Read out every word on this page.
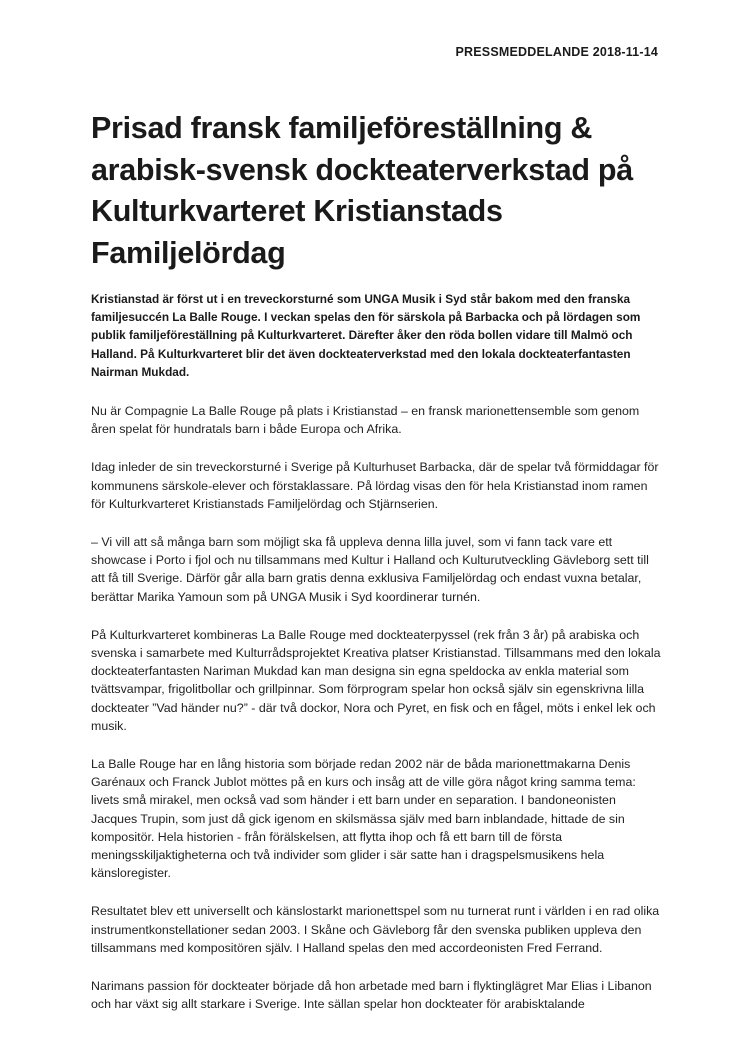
PRESSMEDDELANDE 2018-11-14
Prisad fransk familjeföreställning & arabisk-svensk dockteaterverkstad på Kulturkvarteret Kristianstads Familjelördag

Kristianstad är först ut i en treveckorsturné som UNGA Musik i Syd står bakom med den franska familjesuccén La Balle Rouge. I veckan spelas den för särskola på Barbacka och på lördagen som publik familjeföreställning på Kulturkvarteret. Därefter åker den röda bollen vidare till Malmö och Halland. På Kulturkvarteret blir det även dockteaterverkstad med den lokala dockteaterfantasten Nairman Mukdad.

Nu är Compagnie La Balle Rouge på plats i Kristianstad – en fransk marionettensemble som genom åren spelat för hundratals barn i både Europa och Afrika.

Idag inleder de sin treveckorsturné i Sverige på Kulturhuset Barbacka, där de spelar två förmiddagar för kommunens särskole-elever och förstaklassare. På lördag visas den för hela Kristianstad inom ramen för Kulturkvarteret Kristianstads Familjelördag och Stjärnserien.

– Vi vill att så många barn som möjligt ska få uppleva denna lilla juvel, som vi fann tack vare ett showcase i Porto i fjol och nu tillsammans med Kultur i Halland och Kulturutveckling Gävleborg sett till att få till Sverige. Därför går alla barn gratis denna exklusiva Familjelördag och endast vuxna betalar, berättar Marika Yamoun som på UNGA Musik i Syd koordinerar turnén.

På Kulturkvarteret kombineras La Balle Rouge med dockteaterpyssel (rek från 3 år) på arabiska och svenska i samarbete med Kulturrådsprojektet Kreativa platser Kristianstad. Tillsammans med den lokala dockteaterfantasten Nariman Mukdad kan man designa sin egna speldocka av enkla material som tvättsvampar, frigolitbollar och grillpinnar. Som förprogram spelar hon också själv sin egenskrivna lilla dockteater ”Vad händer nu?” - där två dockor, Nora och Pyret, en fisk och en fågel, möts i enkel lek och musik.

La Balle Rouge har en lång historia som började redan 2002 när de båda marionettmakarna Denis Garénaux och Franck Jublot möttes på en kurs och insåg att de ville göra något kring samma tema: livets små mirakel, men också vad som händer i ett barn under en separation. I bandoneonisten Jacques Trupin, som just då gick igenom en skilsmässa själv med barn inblandade, hittade de sin kompositör. Hela historien - från förälskelsen, att flytta ihop och få ett barn till de första meningsskiljaktigheterna och två individer som glider i sär satte han i dragspelsmusikens hela känsloregister.

Resultatet blev ett universellt och känslostarkt marionettspel som nu turnerat runt i världen i en rad olika instrumentkonstellationer sedan 2003. I Skåne och Gävleborg får den svenska publiken uppleva den tillsammans med kompositören själv. I Halland spelas den med accordeonisten Fred Ferrand.

Narimans passion för dockteater började då hon arbetade med barn i flyktinglägret Mar Elias i Libanon och har växt sig allt starkare i Sverige. Inte sällan spelar hon dockteater för arabisktalande
